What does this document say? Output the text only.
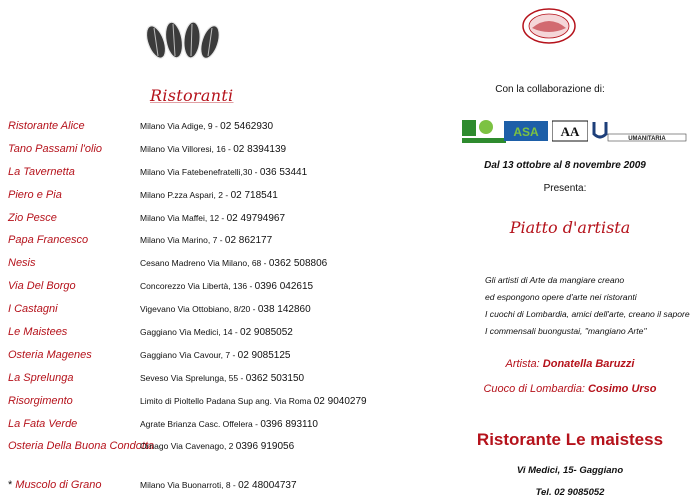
Ristoranti
Ristorante Alice	Milano Via Adige, 9 - 02 5462930
Tano Passami l'olio	Milano Via Villoresi, 16 - 02 8394139
La Tavernetta	Milano Via Fatebenefratelli,30 - 036 53441
Piero e Pia	Milano P.zza Aspari, 2 - 02 718541
Zio Pesce	Milano Via Maffei, 12 - 02 49794967
Papa Francesco	Milano Via Marino, 7 - 02 862177
Nesis	Cesano Madreno Via Milano, 68 - 0362 508806
Via Del Borgo	Concorezzo Via Libertà, 136 - 0396 042615
I Castagni	Vigevano Via Ottobiano, 8/20 - 038 142860
Le Maistees	Gaggiano Via Medici, 14 - 02 9085052
Osteria Magenes	Gaggiano Via Cavour, 7 - 02 9085125
La Sprelunga	Seveso Via Sprelunga, 55 - 0362 503150
Risorgimento	Limito di Pioltello Padana Sup ang. Via Roma 02 9040279
La Fata Verde	Agrate Brianza Casc. Offelera - 0396 893110
Osteria Della Buona Condotta
Ornago Via Cavenago, 2 0396 919056
* Muscolo di Grano	Milano Via Buonarroti, 8 - 02 48004737
Con la collaborazione di:
ASA AA	UMANITARIA
Dal 13 ottobre al 8 novembre 2009
Presenta:
Piatto d'artista
Gli artisti di Arte da mangiare creano
ed espongono opere d'arte nei ristoranti
I cuochi di Lombardia, amici dell'arte, creano il sapore
I commensali buongustai, "mangiano Arte"
Artista: Donatella Baruzzi
Cuoco di Lombardia: Cosimo Urso
Ristorante Le maistess
Vi Medici, 15- Gaggiano
Tel. 02 9085052
